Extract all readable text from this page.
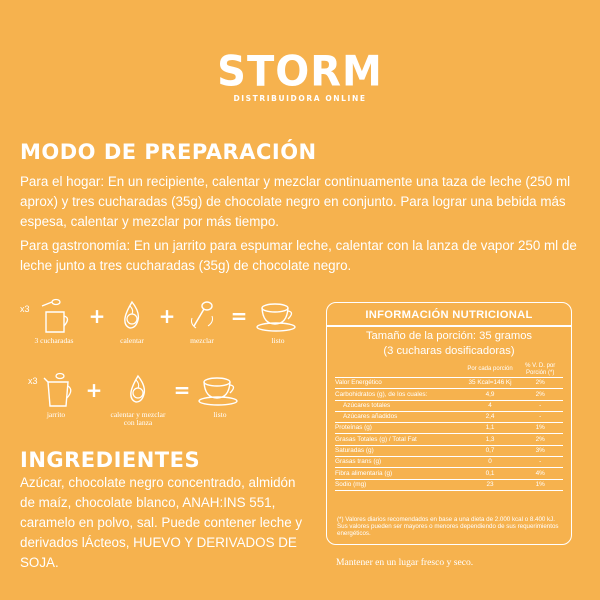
STORM
DISTRIBUIDORA ONLINE
MODO DE PREPARACIÓN
Para el hogar: En un recipiente, calentar y mezclar continuamente una taza de leche (250 ml aprox) y tres cucharadas (35g) de chocolate negro en conjunto. Para lograr una bebida más espesa, calentar y mezclar por más tiempo.
Para gastronomía: En un jarrito para espumar leche, calentar con la lanza de vapor 250 ml de leche junto a tres cucharadas (35g) de chocolate negro.
x3
3 cucharadas
+
calentar
+
mezclar
=
listo
x3
jarrito
+
calentar y mezclar con lanza
=
listo
INGREDIENTES
Azúcar, chocolate negro concentrado, almidón de maíz, chocolate blanco, ANAH:INS 551, caramelo en polvo, sal. Puede contener leche y derivados lÁcteos, HUEVO Y DERIVADOS DE SOJA.
INFORMACIÓN NUTRICIONAL
Tamaño de la porción: 35 gramos
(3 cucharas dosificadoras)
	Por cada porción	% V. D. por Porción (*)
Valor Energético	35 Kcal=146 Kj	2%
Carbohidratos (g), de los cuales:	4,9	2%
Azúcares totales	4	-
Azúcares añadidos	2,4	-
Proteínas (g)	1,1	1%
Grasas Totales (g) / Total Fat	1,3	2%
Saturadas (g)	0,7	3%
Grasas trans (g)	0	-
Fibra alimentaria (g)	0,1	4%
Sodio (mg)	23	1%
(*) Valores diarios recomendados en base a una dieta de 2.000 kcal o 8.400 kJ. Sus valores pueden ser mayores o menores dependiendo de sus requerimientos energéticos.
Mantener en un lugar fresco y seco.
